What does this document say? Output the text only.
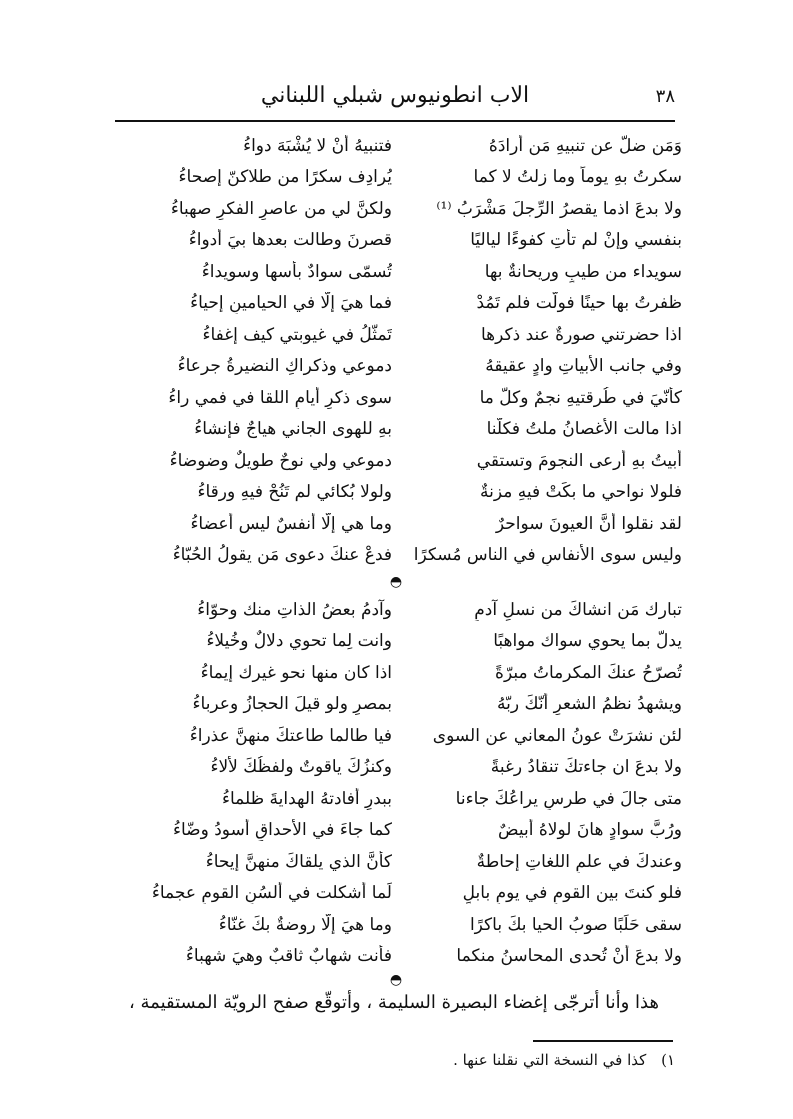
٣٨
الاب انطونيوس شبلي اللبناني
وَمَن ضلَّ عن تنبيهِ مَن أرادَهُ
فتنبيهُ أنْ لا يُشْبَهَ دواءُ
سكرتُ بهِ يوماً وما زلتُ لا كما
يُرادِف سكرًا من طلاكنّ إصحاءُ
ولا بدعَ اذما يقصرُ الرِّجلَ مَشْرَبُ ⁽¹⁾
ولكنَّ لي من عاصرِ الفكرِ صهباءُ
بنفسي وإنْ لم تأتِ كفوءًا لياليًا
قصرنَ وطالت بعدها بيَ أدواءُ
سويداء من طيبٍ وريحانةٌ بها
تُسمّى سوادٌ بأسها وسويداءُ
ظفرتُ بها حينًا فولّت فلم تَمُدْ
فما هيَ إلّا في الحيامينِ إحياءُ
اذا حضرتني صورةٌ عند ذكرها
تَمثّلُ في غيوبتي كيف إغفاءُ
وفي جانب الأبياتِ وادٍ عقيقهُ
دموعي وذكراكِ النضيرةُ جرعاءُ
كأنّيَ في طُرقتيهِ نجمٌ وكلُّ ما
سوى ذكرِ أيامِ اللقا في فمي راءُ
اذا مالت الأغصانُ ملتُ فكلُّنا
بهِ للهوى الجاني هياجٌ فإنشاءُ
أبيتُ بهِ أرعى النجومَ وتستقي
دموعي ولي نوحٌ طويلٌ وضوضاءُ
فلولا نواحي ما بكَتْ فيهِ مزنةٌ
ولولا بُكائي لم تَنُحْ فيهِ ورقاءُ
لقد نقلوا أنَّ العيونَ سواحرٌ
وما هي إلّا أنفسٌ ليس أعضاءُ
وليس سوى الأنفاسِ في الناس مُسكرًا
فدعْ عنكَ دعوى مَن يقولُ الحُبّاءُ
◓
تبارك مَن انشاكَ من نسلِ آدمٍ
وآدمُ بعضُ الذاتِ منك وحوّاءُ
يدلُّ بما يحوي سواك مواهبًا
وانت لِما تحوي دلالٌ وخُيلاءُ
تُصرّحُ عنكَ المكرماتُ مبرّةً
اذا كان منها نحو غيرك إيماءُ
ويشهدُ نظمُ الشعرِ أنّكَ ربّهُ
بمصرٍ ولو قيلَ الحجازُ وعرباءُ
لئن نشرَتْ عونُ المعاني عن السوى
فيا طالما طاعتكَ منهنَّ عذراءُ
ولا بدعَ ان جاءتكَ تنقادُ رغبةً
وكنزُكَ ياقوتٌ ولفظُكَ لألاءُ
متى جالَ في طرسٍ يراعُكَ جاءنا
ببدرٍ أفادتهُ الهدايةَ ظلماءُ
ورُبَّ سوادٍ هانَ لولاهُ أبيضٌ
كما جاءَ في الأحداقِ أسودُ وضّاءُ
وعندكَ في علمِ اللغاتِ إحاطةٌ
كأنَّ الذي يلقاكَ منهنَّ إيحاءُ
فلو كنتَ بين القومِ في يومِ بابلٍ
لَما أشكلت في ألسُنِ القومِ عجماءُ
سقى حَلَبًا صوبُ الحيا بكَ باكرًا
وما هيَ إلّا روضةٌ بكَ غنّاءُ
ولا بدعَ أنْ تُحدى المحاسنُ منكما
فأنت شهابٌ ثاقبٌ وهيَ شهباءُ
◓
هذا وأنا أترجّى إغضاء البصيرة السليمة ، وأتوقّع صفح الرويّة المستقيمة ،
١) كذا في النسخة التي نقلنا عنها .
